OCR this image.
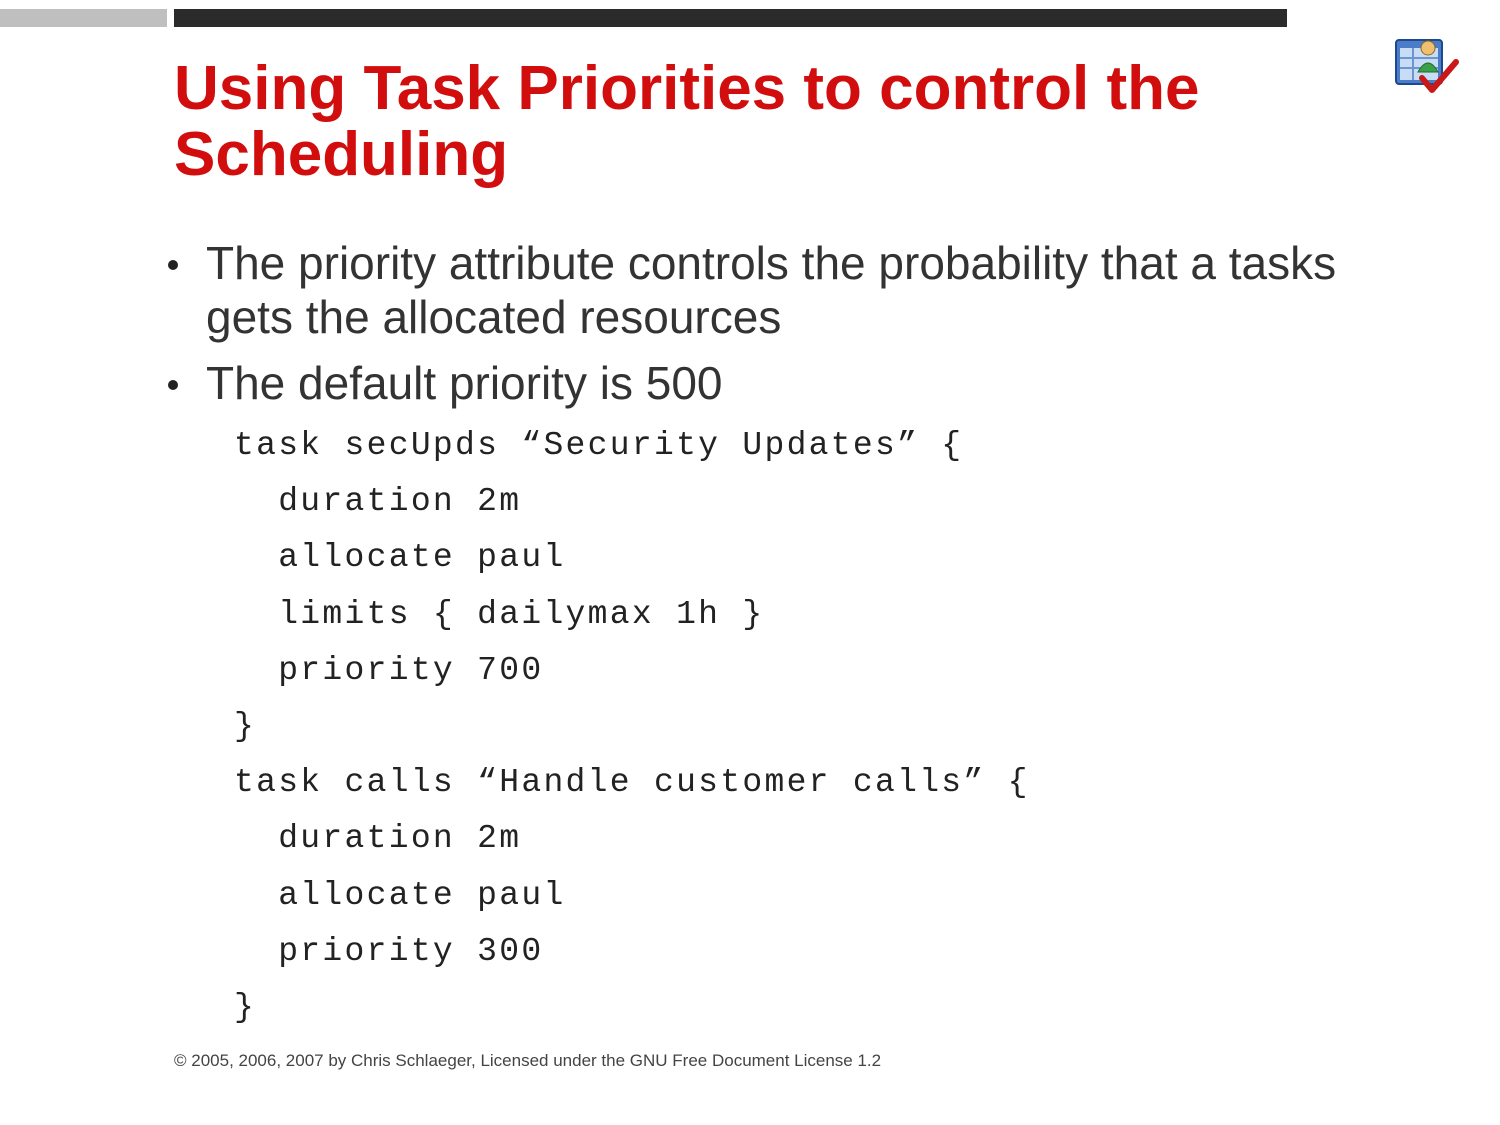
Using Task Priorities to control the Scheduling
The priority attribute controls the probability that a tasks gets the allocated resources
The default priority is 500
task secUpds “Security Updates” {
duration 2m
allocate paul
limits { dailymax 1h }
priority 700
}
task calls “Handle customer calls” {
duration 2m
allocate paul
priority 300
}
© 2005, 2006, 2007 by Chris Schlaeger, Licensed under the GNU Free Document License 1.2
